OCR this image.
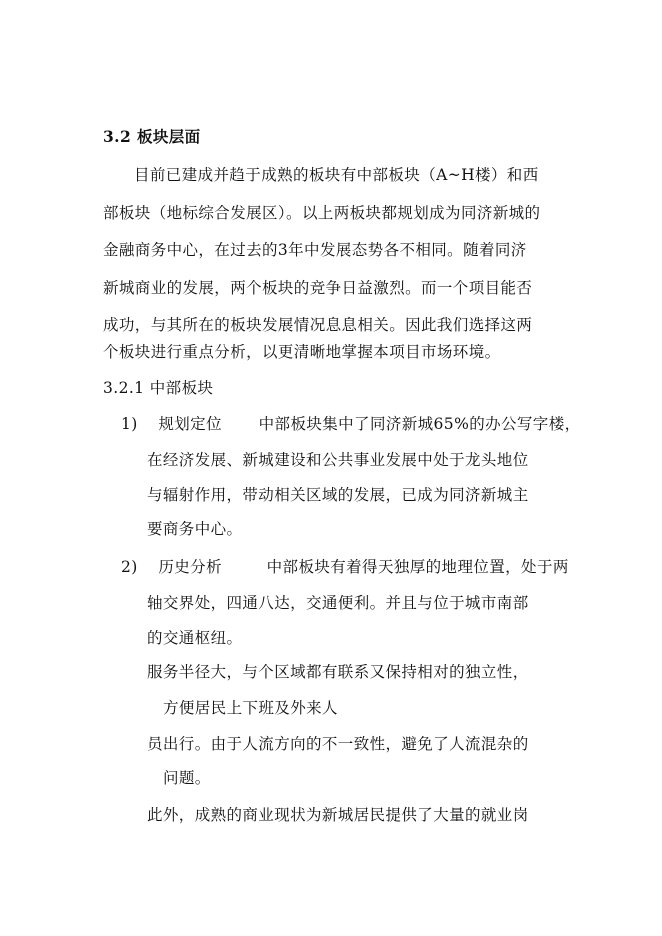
3.2 板块层面
目前已建成并趋于成熟的板块有中部板块（A~H楼）和西
部板块（地标综合发展区）。以上两板块都规划成为同济新城的
金融商务中心，在过去的3年中发展态势各不相同。随着同济
新城商业的发展，两个板块的竞争日益激烈。而一个项目能否
成功，与其所在的板块发展情况息息相关。因此我们选择这两
个板块进行重点分析，以更清晰地掌握本项目市场环境。
3.2.1 中部板块
1) 规划定位 中部板块集中了同济新城65%的办公写字楼，
在经济发展、新城建设和公共事业发展中处于龙头地位
与辐射作用，带动相关区域的发展，已成为同济新城主
要商务中心。
2) 历史分析	中部板块有着得天独厚的地理位置，处于两
轴交界处，四通八达，交通便利。并且与位于城市南部
的交通枢纽。
服务半径大，与个区域都有联系又保持相对的独立性，
方便居民上下班及外来人
员出行。由于人流方向的不一致性，避免了人流混杂的
问题。
此外，成熟的商业现状为新城居民提供了大量的就业岗
